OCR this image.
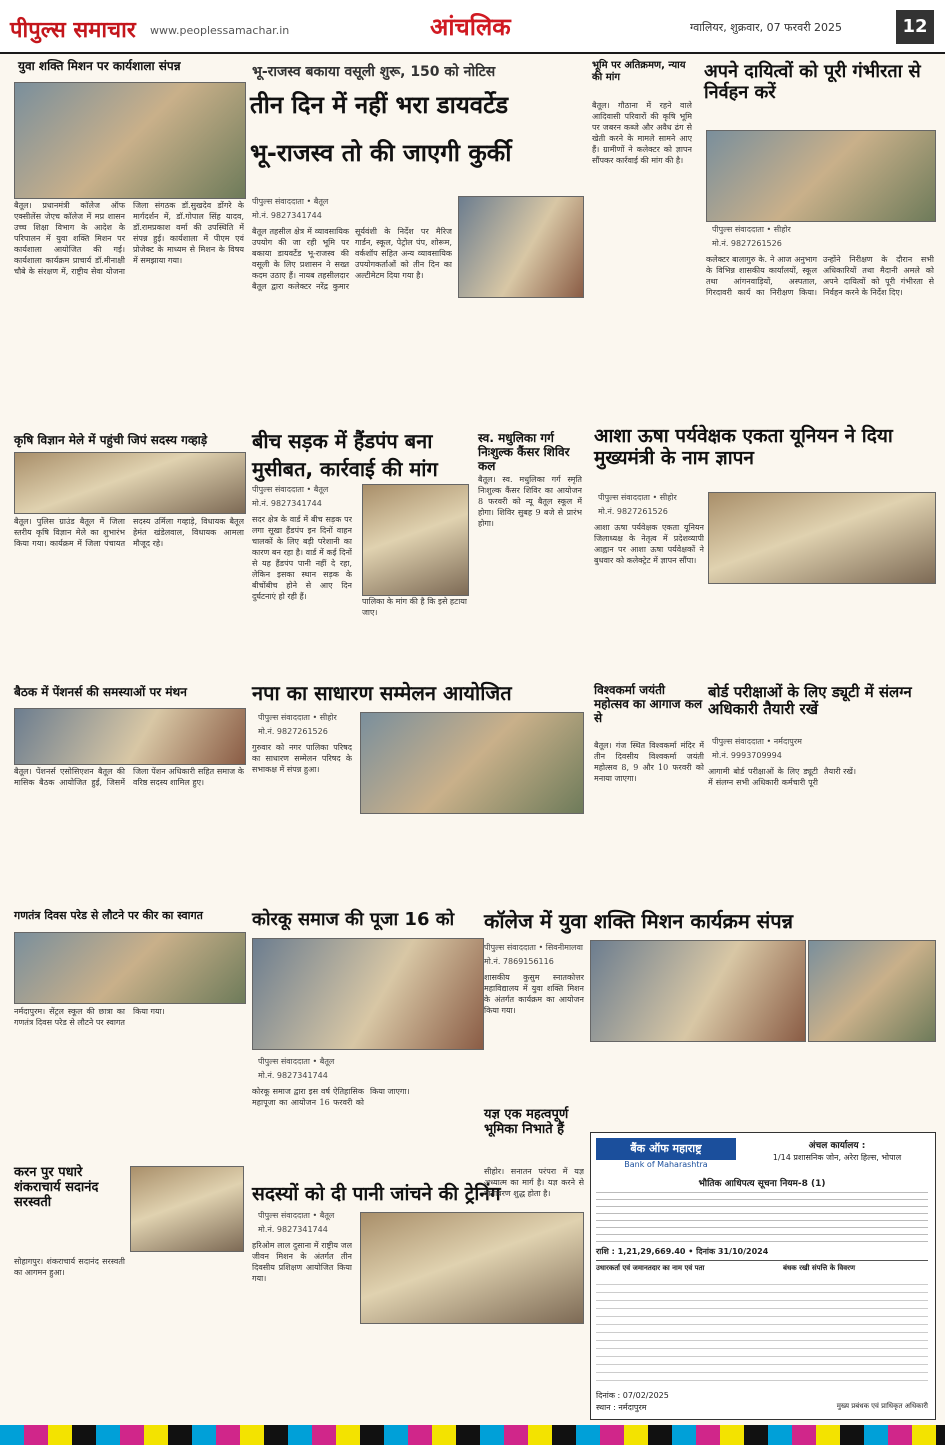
पीपुल्स समाचार www.peoplessamachar.in	आंचलिक	ग्वालियर, शुक्रवार, 07 फरवरी 2025	12
युवा शक्ति मिशन पर कार्यशाला संपन्न
बैतूल। प्रधानमंत्री कॉलेज ऑफ एक्सीलेंस जेएच कॉलेज में मप्र शासन उच्च शिक्षा विभाग के आदेश के परिपालन में युवा शक्ति मिशन पर कार्यशाला आयोजित की गई। कार्यशाला कार्यक्रम प्राचार्य डॉ.मीनाक्षी चौबे के संरक्षण में, राष्ट्रीय सेवा योजना जिला संगठक डॉ.सुखदेव डोंगरे के मार्गदर्शन में, डॉ.गोपाल सिंह यादव, डॉ.रामप्रकाश वर्मा की उपस्थिति में संपन्न हुई। कार्यशाला में पीएम एवं प्रोजेक्ट के माध्यम से मिशन के विषय में समझाया गया।
कृषि विज्ञान मेले में पहुंची जिपं सदस्य गव्हाड़े
बैतूल। पुलिस ग्राउंड बैतूल में जिला स्तरीय कृषि विज्ञान मेले का शुभारंभ किया गया। कार्यक्रम में जिला पंचायत सदस्य उर्मिला गव्हाड़े, विधायक बैतूल हेमंत खंडेलवाल, विधायक आमला मौजूद रहे।
बैठक में पेंशनर्स की समस्याओं पर मंथन
बैतूल। पेंशनर्स एसोसिएशन बैतूल की मासिक बैठक आयोजित हुई, जिसमें जिला पेंशन अधिकारी सहित समाज के वरिष्ठ सदस्य शामिल हुए।
गणतंत्र दिवस परेड से लौटने पर कीर का स्वागत
नर्मदापुरम। सेंट्रल स्कूल की छात्रा का गणतंत्र दिवस परेड से लौटने पर स्वागत किया गया।
करन पुर पधारे शंकराचार्य सदानंद सरस्वती
सोहागपुर। शंकराचार्य सदानंद सरस्वती का आगमन हुआ।
भू-राजस्व बकाया वसूली शुरू, 150 को नोटिस
तीन दिन में नहीं भरा डायवर्टेड
भू-राजस्व तो की जाएगी कुर्की
पीपुल्स संवाददाता • बैतूल
मो.नं. 9827341744
बैतूल तहसील क्षेत्र में व्यावसायिक उपयोग की जा रही भूमि पर बकाया डायवर्टेड भू-राजस्व की वसूली के लिए प्रशासन ने सख्त कदम उठाए हैं। नायब तहसीलदार बैतूल द्वारा कलेक्टर नरेंद्र कुमार सूर्यवंशी के निर्देश पर मैरिज गार्डन, स्कूल, पेट्रोल पंप, शोरूम, वर्कशॉप सहित अन्य व्यावसायिक उपयोगकर्ताओं को तीन दिन का अल्टीमेटम दिया गया है।
बीच सड़क में हैंडपंप बना
मुसीबत, कार्रवाई की मांग
पीपुल्स संवाददाता • बैतूल
मो.नं. 9827341744
सदर क्षेत्र के वार्ड में बीच सड़क पर लगा सूखा हैंडपंप इन दिनों वाहन चालकों के लिए बड़ी परेशानी का कारण बन रहा है। वार्ड में कई दिनों से यह हैंडपंप पानी नहीं दे रहा, लेकिन इसका स्थान सड़क के बीचोंबीच होने से आए दिन दुर्घटनाएं हो रही हैं।
पालिका के मांग की है कि इसे हटाया जाए।
स्व. मधुलिका गर्ग निःशुल्क कैंसर शिविर कल
बैतूल। स्व. मधुलिका गर्ग स्मृति निःशुल्क कैंसर शिविर का आयोजन 8 फरवरी को न्यू बैतूल स्कूल में होगा। शिविर सुबह 9 बजे से प्रारंभ होगा।
नपा का साधारण सम्मेलन आयोजित
पीपुल्स संवाददाता • सीहोर
मो.नं. 9827261526
गुरुवार को नगर पालिका परिषद का साधारण सम्मेलन परिषद के सभाकक्ष में संपन्न हुआ।
कोरकू समाज की पूजा 16 को
पीपुल्स संवाददाता • बैतूल
मो.नं. 9827341744
कोरकू समाज द्वारा इस वर्ष ऐतिहासिक महापूजा का आयोजन 16 फरवरी को किया जाएगा।
सदस्यों को दी पानी जांचने की ट्रेनिंग
पीपुल्स संवाददाता • बैतूल
मो.नं. 9827341744
हरिओम लाल दुसाना में राष्ट्रीय जल जीवन मिशन के अंतर्गत तीन दिवसीय प्रशिक्षण आयोजित किया गया।
भूमि पर अतिक्रमण, न्याय की मांग
बैतूल। गौठाना में रहने वाले आदिवासी परिवारों की कृषि भूमि पर जबरन कब्जे और अवैध ढंग से खेती करने के मामले सामने आए हैं। ग्रामीणों ने कलेक्टर को ज्ञापन सौंपकर कार्रवाई की मांग की है।
अपने दायित्वों को पूरी गंभीरता से निर्वहन करें
पीपुल्स संवाददाता • सीहोर
मो.नं. 9827261526
कलेक्टर बालागुरु के. ने आज अनुभाग के विभिन्न शासकीय कार्यालयों, स्कूल तथा आंगनवाड़ियों, अस्पताल, गिरदावरी कार्य का निरीक्षण किया। उन्होंने निरीक्षण के दौरान सभी अधिकारियों तथा मैदानी अमले को अपने दायित्वों को पूरी गंभीरता से निर्वहन करने के निर्देश दिए।
आशा ऊषा पर्यवेक्षक एकता यूनियन ने दिया मुख्यमंत्री के नाम ज्ञापन
पीपुल्स संवाददाता • सीहोर
मो.नं. 9827261526
आशा ऊषा पर्यवेक्षक एकता यूनियन जिलाध्यक्ष के नेतृत्व में प्रदेशव्यापी आह्वान पर आशा ऊषा पर्यवेक्षकों ने बुधवार को कलेक्ट्रेट में ज्ञापन सौंपा।
विश्वकर्मा जयंती महोत्सव का आगाज कल से
बैतूल। गंज स्थित विश्वकर्मा मंदिर में तीन दिवसीय विश्वकर्मा जयंती महोत्सव 8, 9 और 10 फरवरी को मनाया जाएगा।
बोर्ड परीक्षाओं के लिए ड्यूटी में संलग्न अधिकारी तैयारी रखें
पीपुल्स संवाददाता • नर्मदापुरम
मो.नं. 9993709994
आगामी बोर्ड परीक्षाओं के लिए ड्यूटी में संलग्न सभी अधिकारी कर्मचारी पूरी तैयारी रखें।
कॉलेज में युवा शक्ति मिशन कार्यक्रम संपन्न
पीपुल्स संवाददाता • सिवनीमालवा
मो.नं. 7869156116
शासकीय कुसुम स्नातकोत्तर महाविद्यालय में युवा शक्ति मिशन के अंतर्गत कार्यक्रम का आयोजन किया गया।
यज्ञ एक महत्वपूर्ण भूमिका निभाते हैं
सीहोर। सनातन परंपरा में यज्ञ अध्यात्म का मार्ग है। यज्ञ करने से वातावरण शुद्ध होता है।
बैंक ऑफ महाराष्ट्र
Bank of Maharashtra
अंचल कार्यालय :
1/14 प्रशासनिक जोन, अरेरा हिल्स, भोपाल
भौतिक आधिपत्य सूचना नियम-8 (1)
राशि : 1,21,29,669.40 • दिनांक 31/10/2024
उधारकर्ता एवं जमानतदार का नाम एवं पता	बंधक रखी संपत्ति के विवरण
दिनांक : 07/02/2025
स्थान : नर्मदापुरम	मुख्य प्रबंधक एवं प्राधिकृत अधिकारी
